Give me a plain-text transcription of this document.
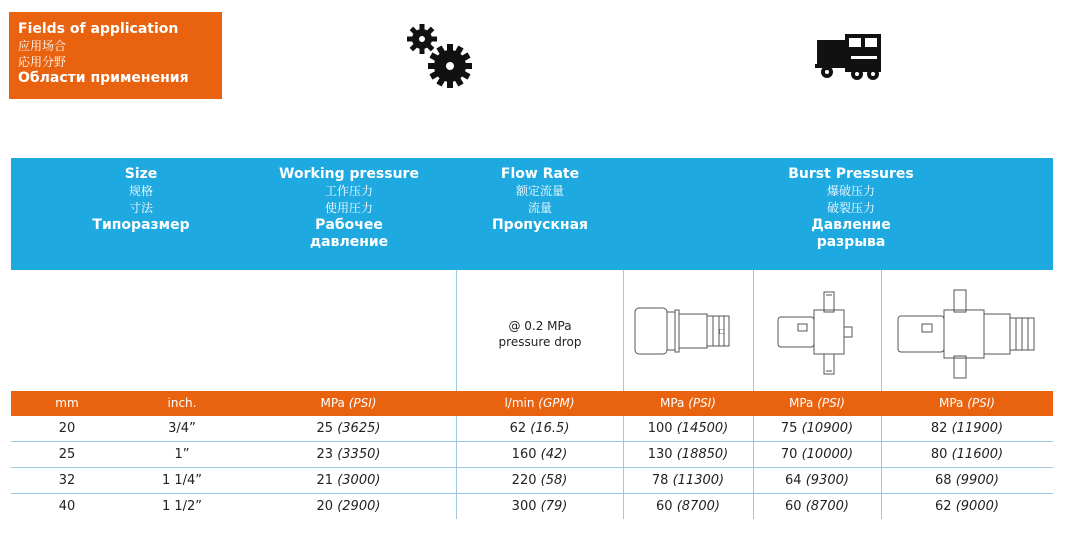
Fields of application
应用场合
応用分野
Области применения
Size
规格
寸法
Типоразмер
Working pressure
工作压力
使用圧力
Рабочее
давление
Flow Rate
额定流量
流量
Пропускная
Burst Pressures
爆破压力
破裂压力
Давление
разрыва
@ 0.2 MPa
pressure drop
☐
mm	inch.	MPa (PSI)	l/min (GPM)	MPa (PSI)	MPa (PSI)	MPa (PSI)
20	3/4”	25 (3625)	62 (16.5)	100 (14500)	75 (10900)	82 (11900)
25	1”	23 (3350)	160 (42)	130 (18850)	70 (10000)	80 (11600)
32	1 1/4”	21 (3000)	220 (58)	78 (11300)	64 (9300)	68 (9900)
40	1 1/2”	20 (2900)	300 (79)	60 (8700)	60 (8700)	62 (9000)
